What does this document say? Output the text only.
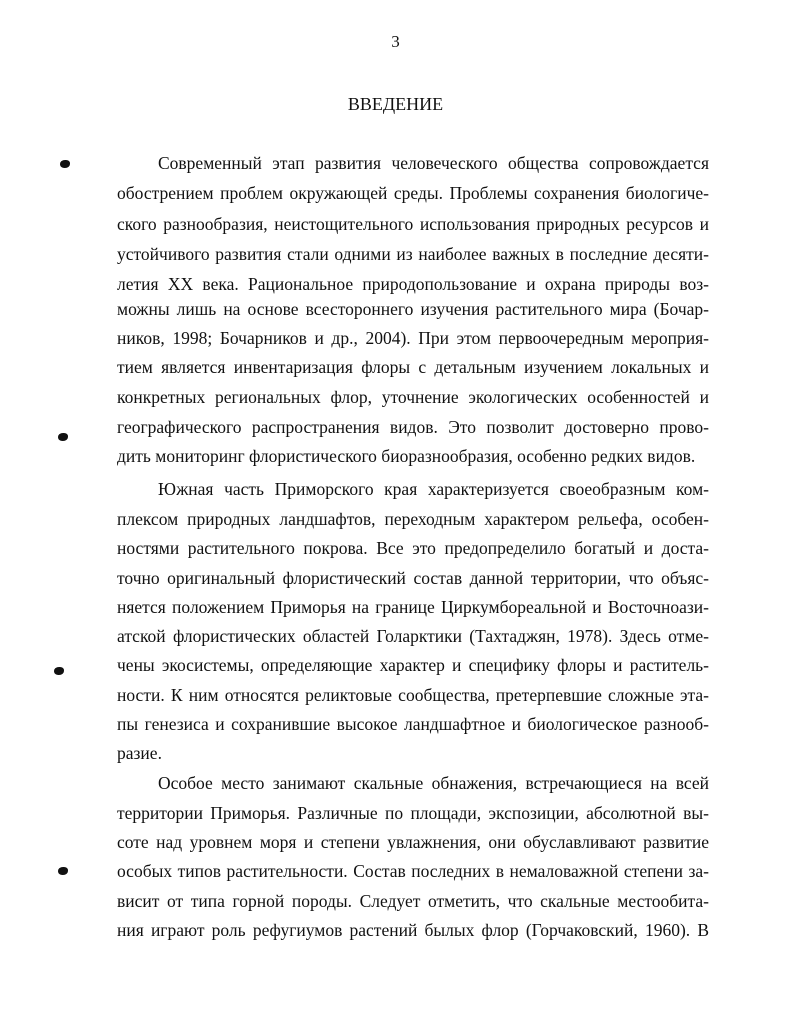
3
ВВЕДЕНИЕ
Современный этап развития человеческого общества сопровождается
обострением проблем окружающей среды. Проблемы сохранения биологиче-
ского разнообразия, неистощительного использования природных ресурсов и
устойчивого развития стали одними из наиболее важных в последние десяти-
летия XX века. Рациональное природопользование и охрана природы воз-
можны лишь на основе всестороннего изучения растительного мира (Бочар-
ников, 1998; Бочарников и др., 2004). При этом первоочередным мероприя-
тием является инвентаризация флоры с детальным изучением локальных и
конкретных региональных флор, уточнение экологических особенностей и
географического распространения видов. Это позволит достоверно прово-
дить мониторинг флористического биоразнообразия, особенно редких видов.
Южная часть Приморского края характеризуется своеобразным ком-
плексом природных ландшафтов, переходным характером рельефа, особен-
ностями растительного покрова. Все это предопределило богатый и доста-
точно оригинальный флористический состав данной территории, что объяс-
няется положением Приморья на границе Циркумбореальной и Восточноази-
атской флористических областей Голарктики (Тахтаджян, 1978). Здесь отме-
чены экосистемы, определяющие характер и специфику флоры и раститель-
ности. К ним относятся реликтовые сообщества, претерпевшие сложные эта-
пы генезиса и сохранившие высокое ландшафтное и биологическое разнооб-
разие.
Особое место занимают скальные обнажения, встречающиеся на всей
территории Приморья. Различные по площади, экспозиции, абсолютной вы-
соте над уровнем моря и степени увлажнения, они обуславливают развитие
особых типов растительности. Состав последних в немаловажной степени за-
висит от типа горной породы. Следует отметить, что скальные местообита-
ния играют роль рефугиумов растений былых флор (Горчаковский, 1960). В
